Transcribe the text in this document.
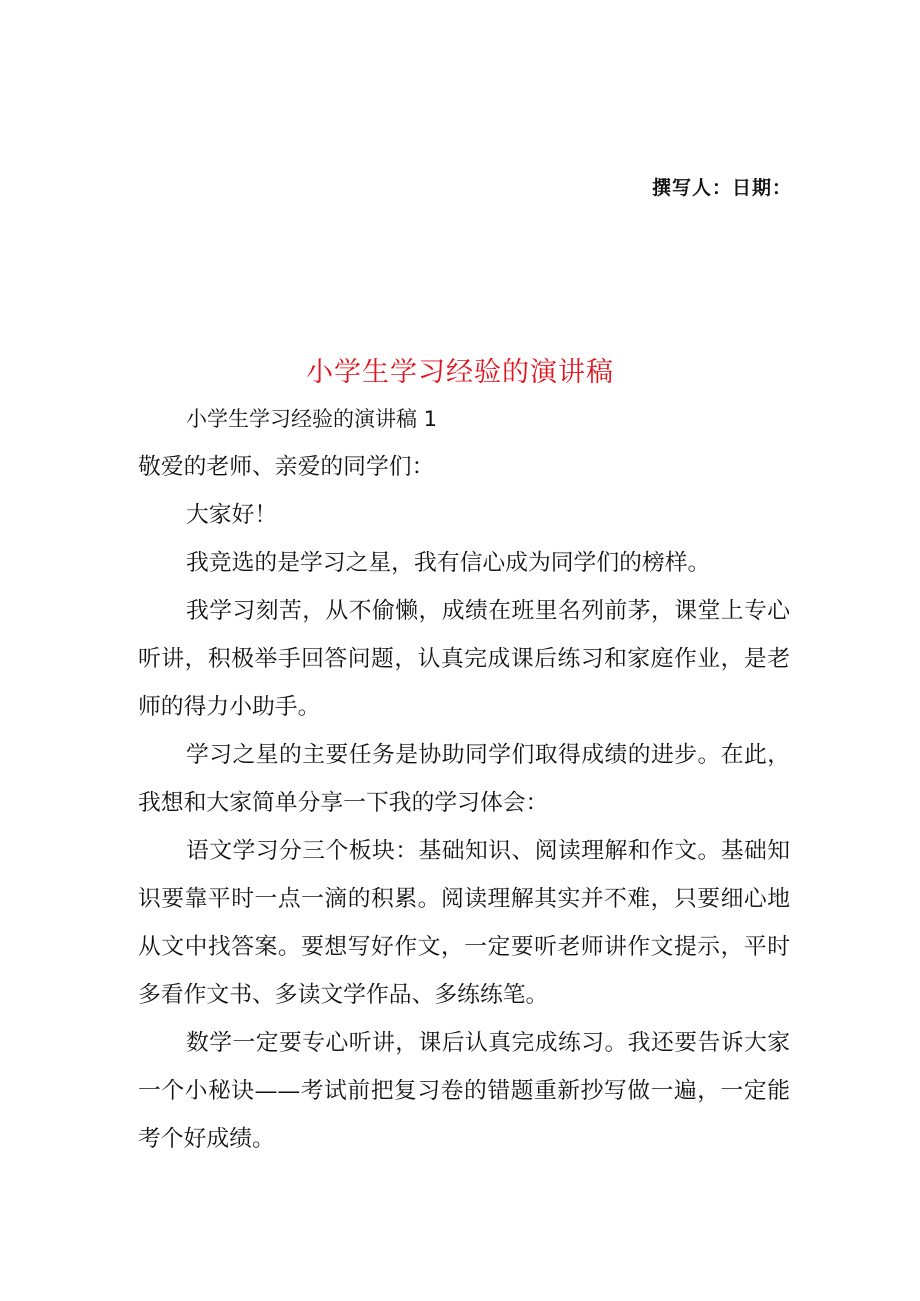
撰写人：日期：
小学生学习经验的演讲稿
小学生学习经验的演讲稿 1

敬爱的老师、亲爱的同学们：

大家好！

我竞选的是学习之星，我有信心成为同学们的榜样。

我学习刻苦，从不偷懒，成绩在班里名列前茅，课堂上专心听讲，积极举手回答问题，认真完成课后练习和家庭作业，是老师的得力小助手。

学习之星的主要任务是协助同学们取得成绩的进步。在此，我想和大家简单分享一下我的学习体会：

语文学习分三个板块：基础知识、阅读理解和作文。基础知识要靠平时一点一滴的积累。阅读理解其实并不难，只要细心地从文中找答案。要想写好作文，一定要听老师讲作文提示，平时多看作文书、多读文学作品、多练练笔。

数学一定要专心听讲，课后认真完成练习。我还要告诉大家一个小秘诀——考试前把复习卷的错题重新抄写做一遍，一定能考个好成绩。
